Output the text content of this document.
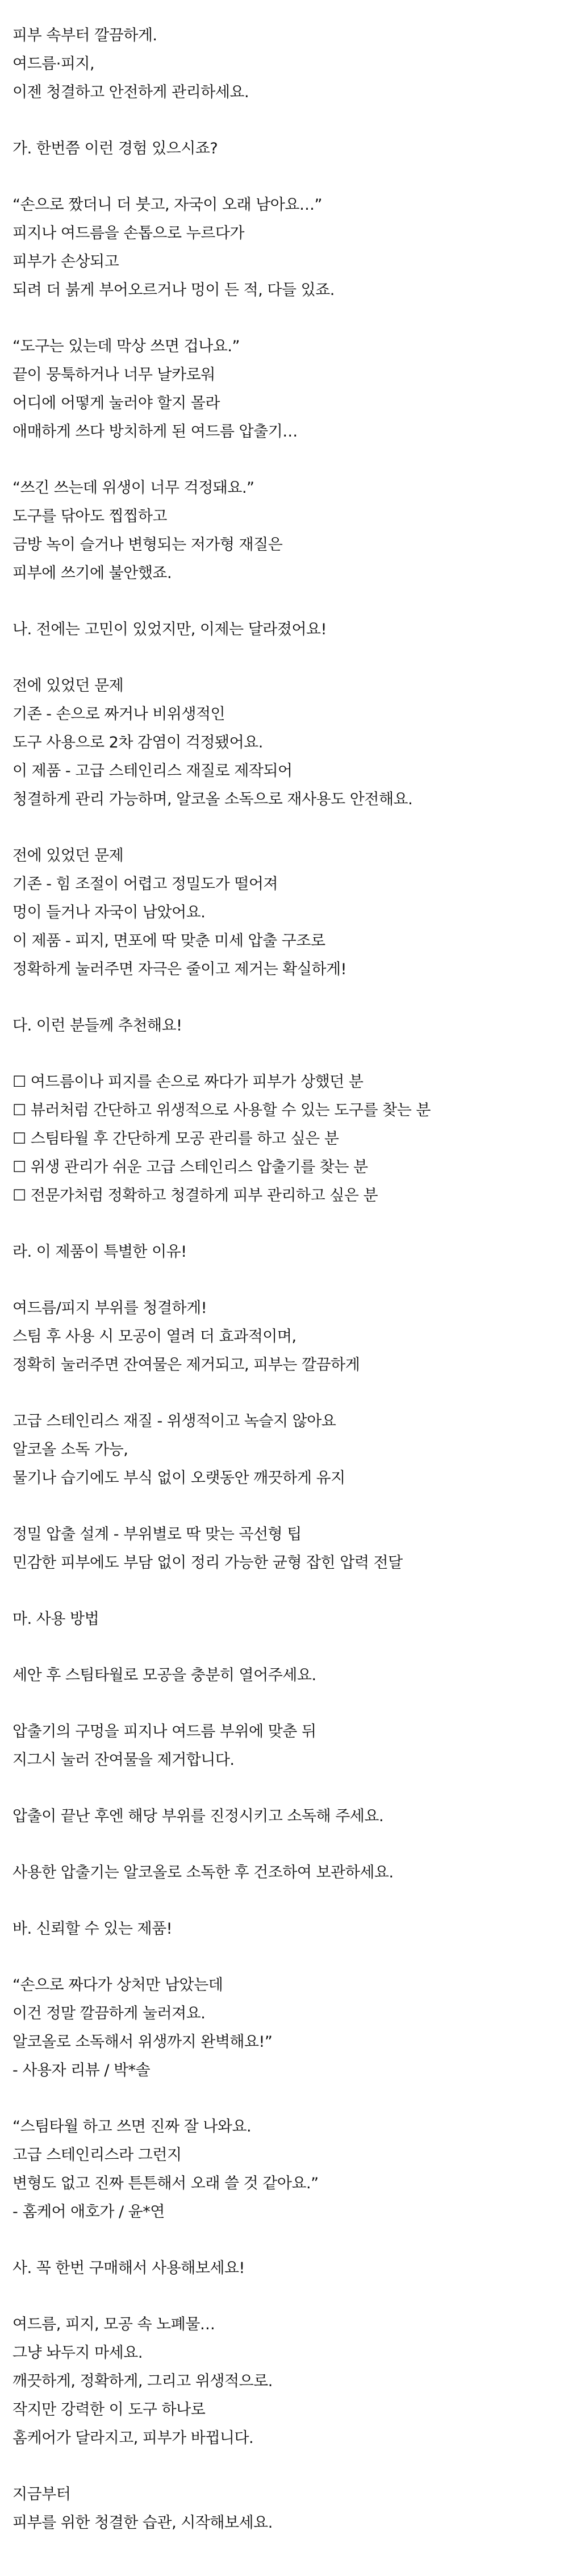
피부 속부터 깔끔하게.
여드름·피지,
이젠 청결하고 안전하게 관리하세요.
가. 한번쯤 이런 경험 있으시죠?
“손으로 짰더니 더 붓고, 자국이 오래 남아요…”
피지나 여드름을 손톱으로 누르다가
피부가 손상되고
되려 더 붉게 부어오르거나 멍이 든 적, 다들 있죠.
“도구는 있는데 막상 쓰면 겁나요.”
끝이 뭉툭하거나 너무 날카로워
어디에 어떻게 눌러야 할지 몰라
애매하게 쓰다 방치하게 된 여드름 압출기…
“쓰긴 쓰는데 위생이 너무 걱정돼요.”
도구를 닦아도 찝찝하고
금방 녹이 슬거나 변형되는 저가형 재질은
피부에 쓰기에 불안했죠.
나. 전에는 고민이 있었지만, 이제는 달라졌어요!
전에 있었던 문제
기존 - 손으로 짜거나 비위생적인
도구 사용으로 2차 감염이 걱정됐어요.
이 제품 - 고급 스테인리스 재질로 제작되어
청결하게 관리 가능하며, 알코올 소독으로 재사용도 안전해요.
전에 있었던 문제
기존 - 힘 조절이 어렵고 정밀도가 떨어져
멍이 들거나 자국이 남았어요.
이 제품 - 피지, 면포에 딱 맞춘 미세 압출 구조로
정확하게 눌러주면 자극은 줄이고 제거는 확실하게!
다. 이런 분들께 추천해요!
☐ 여드름이나 피지를 손으로 짜다가 피부가 상했던 분
☐ 뷰러처럼 간단하고 위생적으로 사용할 수 있는 도구를 찾는 분
☐ 스팀타월 후 간단하게 모공 관리를 하고 싶은 분
☐ 위생 관리가 쉬운 고급 스테인리스 압출기를 찾는 분
☐ 전문가처럼 정확하고 청결하게 피부 관리하고 싶은 분
라. 이 제품이 특별한 이유!
여드름/피지 부위를 청결하게!
스팀 후 사용 시 모공이 열려 더 효과적이며,
정확히 눌러주면 잔여물은 제거되고, 피부는 깔끔하게
고급 스테인리스 재질 - 위생적이고 녹슬지 않아요
알코올 소독 가능,
물기나 습기에도 부식 없이 오랫동안 깨끗하게 유지
정밀 압출 설계 - 부위별로 딱 맞는 곡선형 팁
민감한 피부에도 부담 없이 정리 가능한 균형 잡힌 압력 전달
마. 사용 방법
세안 후 스팀타월로 모공을 충분히 열어주세요.
압출기의 구멍을 피지나 여드름 부위에 맞춘 뒤
지그시 눌러 잔여물을 제거합니다.
압출이 끝난 후엔 해당 부위를 진정시키고 소독해 주세요.
사용한 압출기는 알코올로 소독한 후 건조하여 보관하세요.
바. 신뢰할 수 있는 제품!
“손으로 짜다가 상처만 남았는데
이건 정말 깔끔하게 눌러져요.
알코올로 소독해서 위생까지 완벽해요!”
- 사용자 리뷰 / 박*솔
“스팀타월 하고 쓰면 진짜 잘 나와요.
고급 스테인리스라 그런지
변형도 없고 진짜 튼튼해서 오래 쓸 것 같아요.”
- 홈케어 애호가 / 윤*연
사. 꼭 한번 구매해서 사용해보세요!
여드름, 피지, 모공 속 노폐물…
그냥 놔두지 마세요.
깨끗하게, 정확하게, 그리고 위생적으로.
작지만 강력한 이 도구 하나로
홈케어가 달라지고, 피부가 바뀝니다.
지금부터
피부를 위한 청결한 습관, 시작해보세요.
